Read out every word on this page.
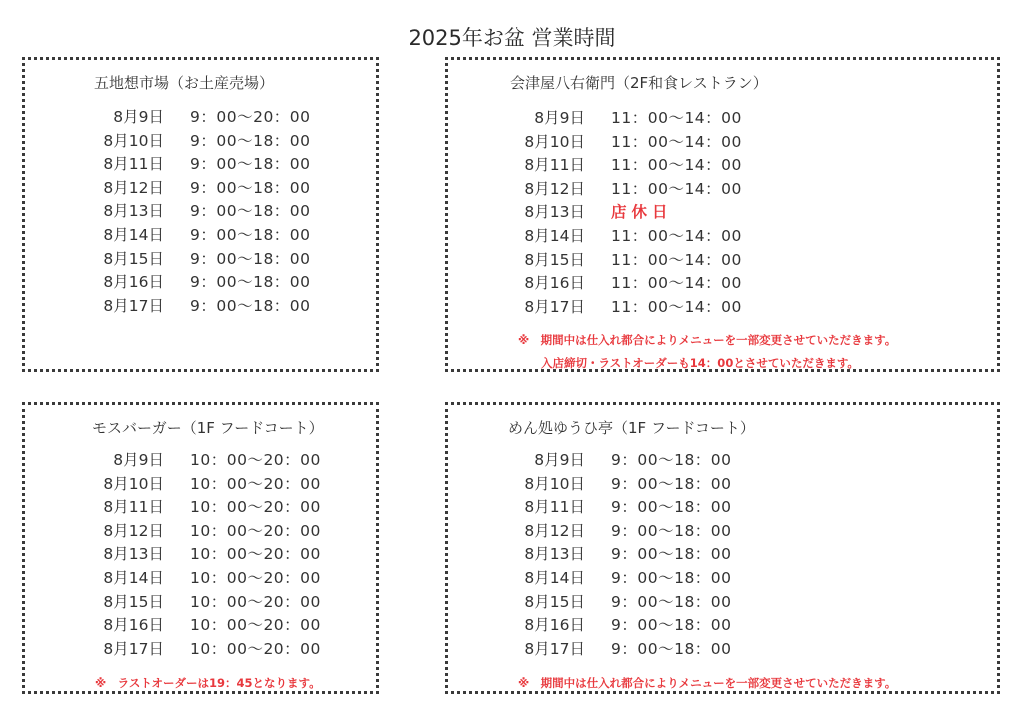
2025年お盆 営業時間
五地想市場（お土産売場）
8月9日 9：00〜20：00
8月10日 9：00〜18：00
8月11日 9：00〜18：00
8月12日 9：00〜18：00
8月13日 9：00〜18：00
8月14日 9：00〜18：00
8月15日 9：00〜18：00
8月16日 9：00〜18：00
8月17日 9：00〜18：00
会津屋八右衛門（2F和食レストラン）
8月9日 11：00〜14：00
8月10日 11：00〜14：00
8月11日 11：00〜14：00
8月12日 11：00〜14：00
8月13日 店休日
8月14日 11：00〜14：00
8月15日 11：00〜14：00
8月16日 11：00〜14：00
8月17日 11：00〜14：00
※　期間中は仕入れ都合によりメニューを一部変更させていただきます。
入店締切・ラストオーダーも14：00とさせていただきます。
モスバーガー（1F フードコート）
8月9日 10：00〜20：00
8月10日 10：00〜20：00
8月11日 10：00〜20：00
8月12日 10：00〜20：00
8月13日 10：00〜20：00
8月14日 10：00〜20：00
8月15日 10：00〜20：00
8月16日 10：00〜20：00
8月17日 10：00〜20：00
※　ラストオーダーは19：45となります。
めん処ゆうひ亭（1F フードコート）
8月9日 9：00〜18：00
8月10日 9：00〜18：00
8月11日 9：00〜18：00
8月12日 9：00〜18：00
8月13日 9：00〜18：00
8月14日 9：00〜18：00
8月15日 9：00〜18：00
8月16日 9：00〜18：00
8月17日 9：00〜18：00
※　期間中は仕入れ都合によりメニューを一部変更させていただきます。
